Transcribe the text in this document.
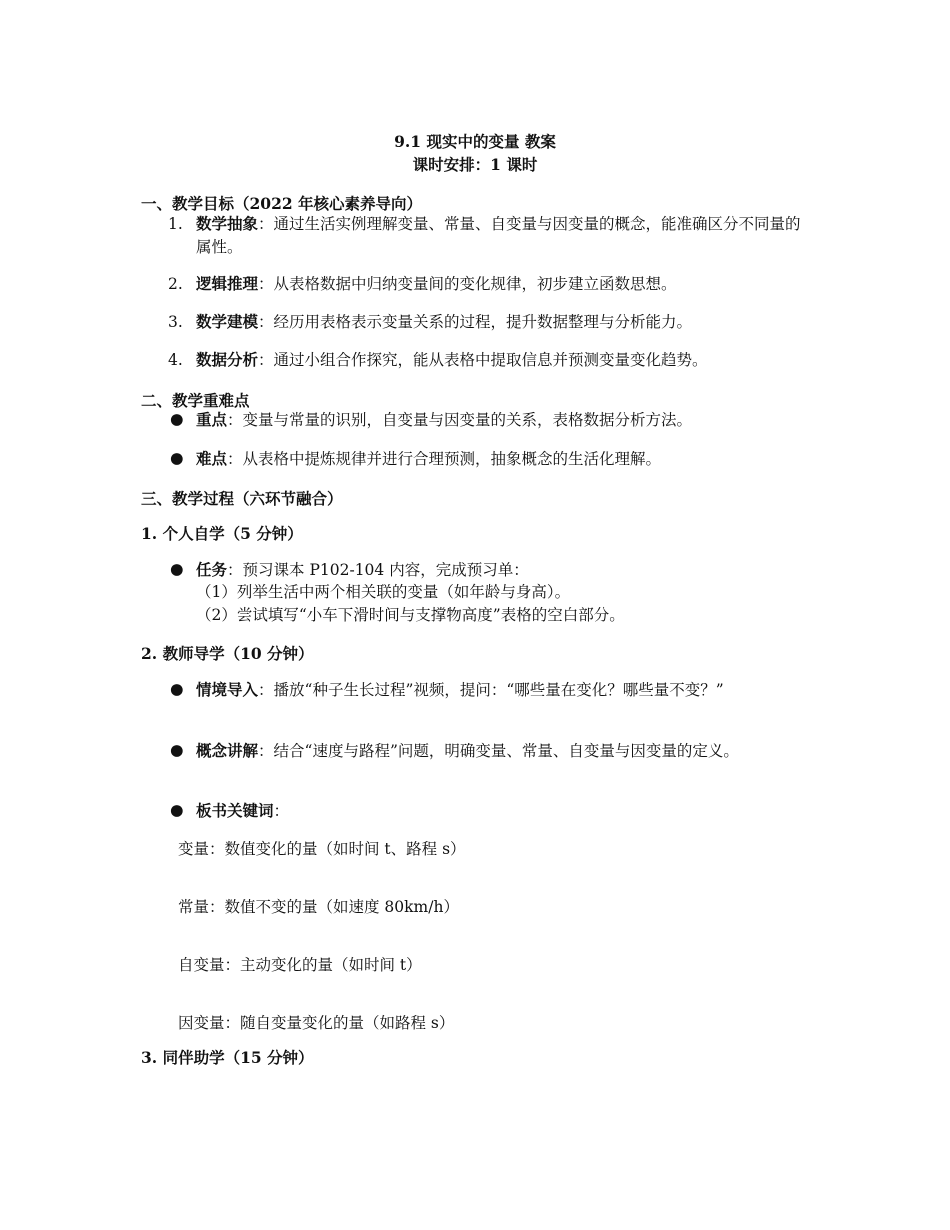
9.1 现实中的变量 教案
课时安排：1 课时
一、教学目标（2022 年核心素养导向）
1. 数学抽象：通过生活实例理解变量、常量、自变量与因变量的概念，能准确区分不同量的属性。
2. 逻辑推理：从表格数据中归纳变量间的变化规律，初步建立函数思想。
3. 数学建模：经历用表格表示变量关系的过程，提升数据整理与分析能力。
4. 数据分析：通过小组合作探究，能从表格中提取信息并预测变量变化趋势。
二、教学重难点
● 重点：变量与常量的识别，自变量与因变量的关系，表格数据分析方法。
● 难点：从表格中提炼规律并进行合理预测，抽象概念的生活化理解。
三、教学过程（六环节融合）
1. 个人自学（5 分钟）
● 任务：预习课本 P102-104 内容，完成预习单：
（1）列举生活中两个相关联的变量（如年龄与身高）。
（2）尝试填写“小车下滑时间与支撑物高度”表格的空白部分。
2. 教师导学（10 分钟）
● 情境导入：播放“种子生长过程”视频，提问：“哪些量在变化？哪些量不变？”
● 概念讲解：结合“速度与路程”问题，明确变量、常量、自变量与因变量的定义。
● 板书关键词：
变量：数值变化的量（如时间 t、路程 s）
常量：数值不变的量（如速度 80km/h）
自变量：主动变化的量（如时间 t）
因变量：随自变量变化的量（如路程 s）
3. 同伴助学（15 分钟）
